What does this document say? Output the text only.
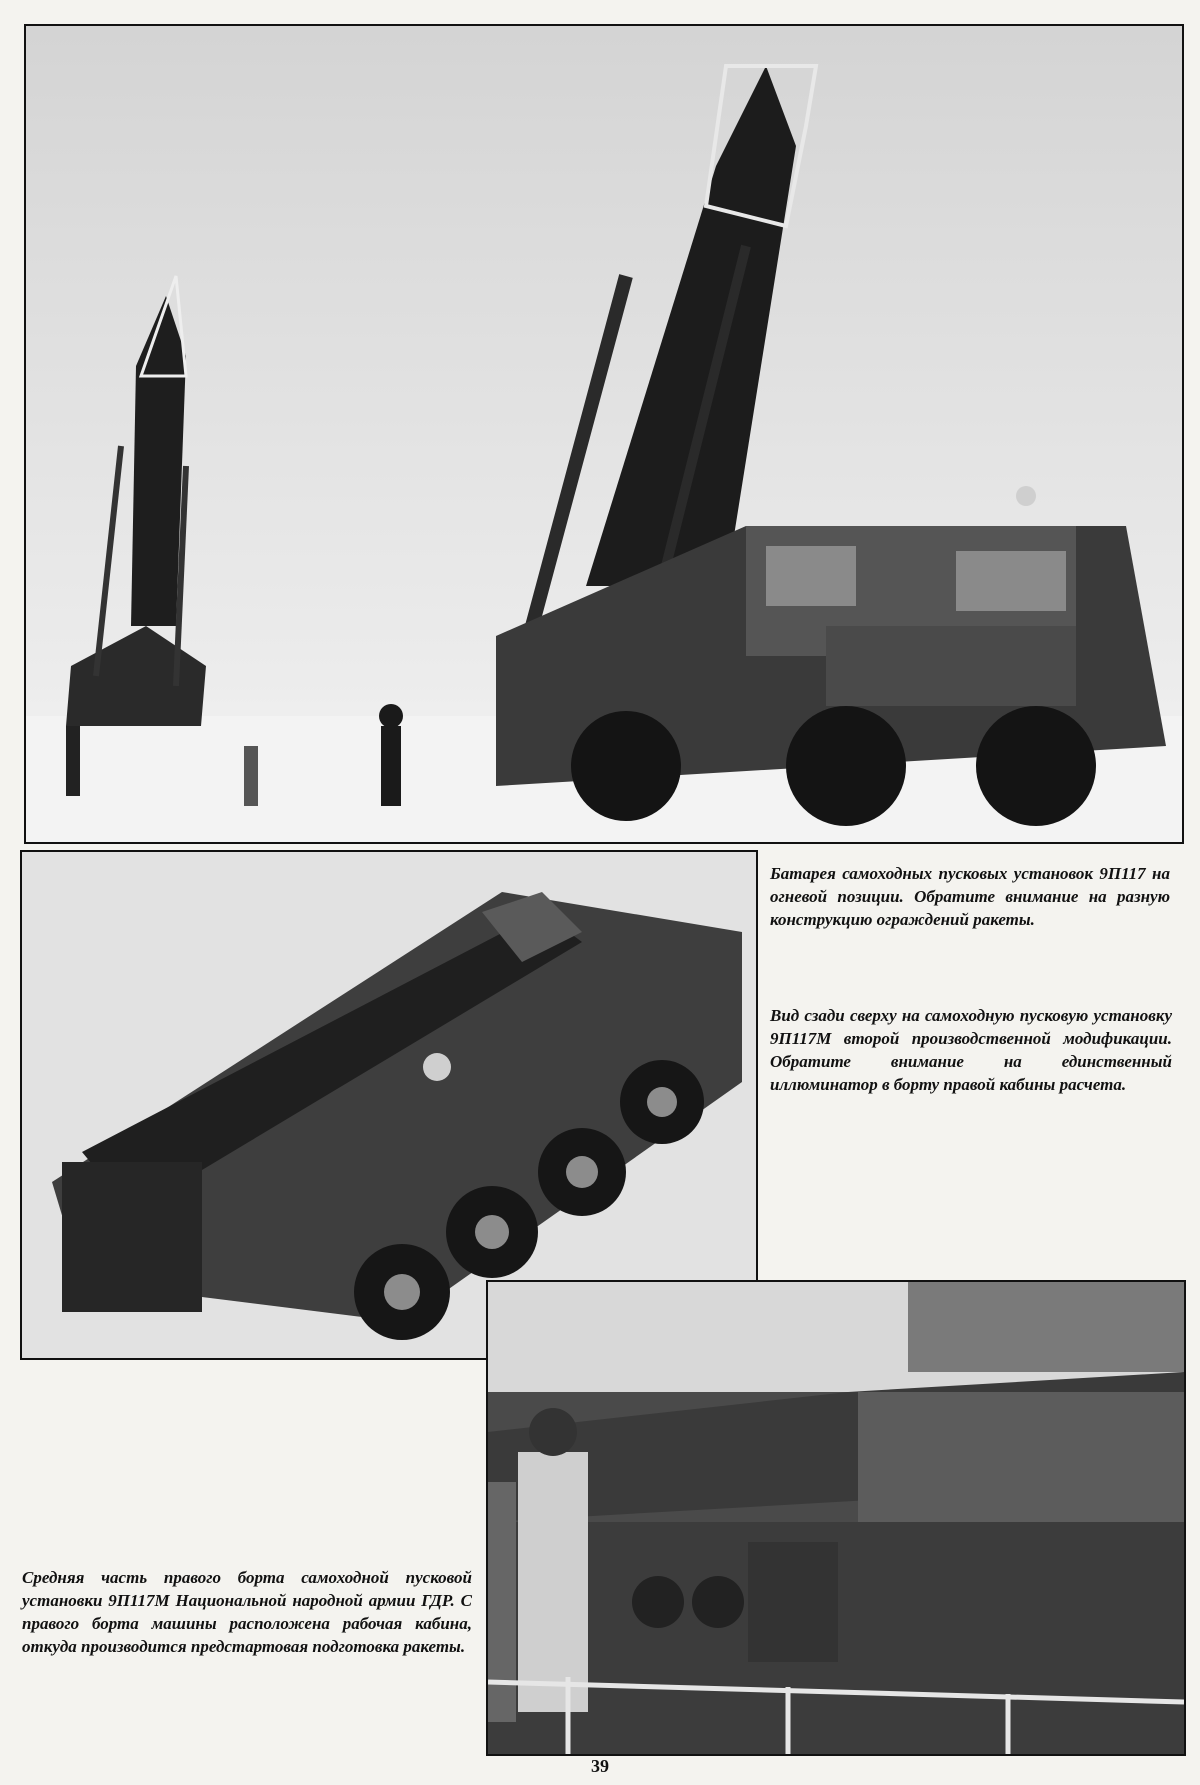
Батарея самоходных пусковых установок 9П117 на огневой позиции. Обратите внимание на разную конструкцию ограждений ракеты.

Вид сзади сверху на самоходную пусковую установку 9П117М второй производственной модификации. Обратите внимание на единственный иллюминатор в борту правой кабины расчета.

Средняя часть правого борта самоходной пусковой установки 9П117М Национальной народной армии ГДР. С правого борта машины расположена рабочая кабина, откуда производится предстартовая подготовка ракеты.

39
